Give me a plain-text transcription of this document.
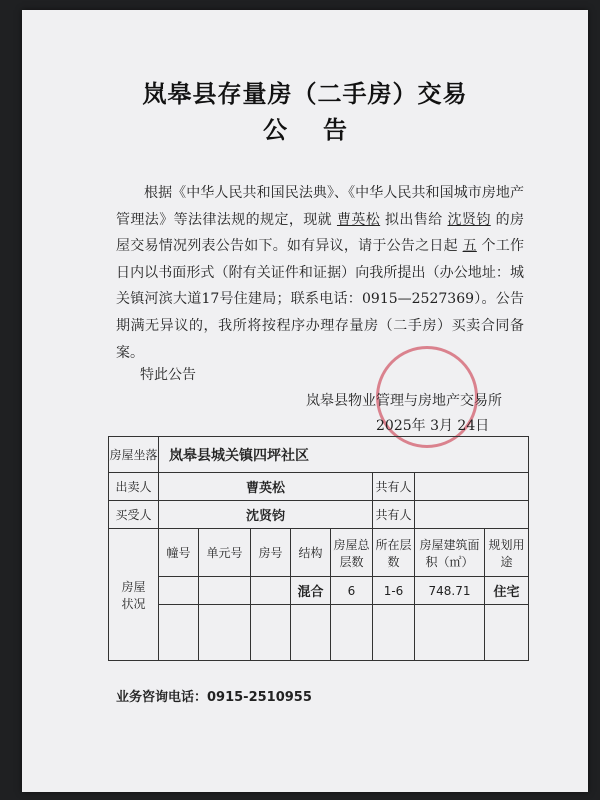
岚皋县存量房（二手房）交易
公告

根据《中华人民共和国民法典》、《中华人民共和国城市房地产管理法》等法律法规的规定，现就 曹英松 拟出售给 沈贤钧 的房屋交易情况列表公告如下。如有异议，请于公告之日起 五 个工作日内以书面形式（附有关证件和证据）向我所提出（办公地址：城关镇河滨大道17号住建局；联系电话：0915—2527369）。公告期满无异议的，我所将按程序办理存量房（二手房）买卖合同备案。

特此公告
岚皋县物业管理与房地产交易所
2025年 3月 24日
房屋坐落	岚皋县城关镇四坪社区							
出卖人	曹英松					共有人		
买受人	沈贤钧					共有人		

房屋
状况	幢号	单元号	房号	结构	房屋总层数	所在层数	房屋建筑面积（㎡）	规划用途
				混合	6	1-6	748.71	住宅

业务咨询电话：0915-2510955
